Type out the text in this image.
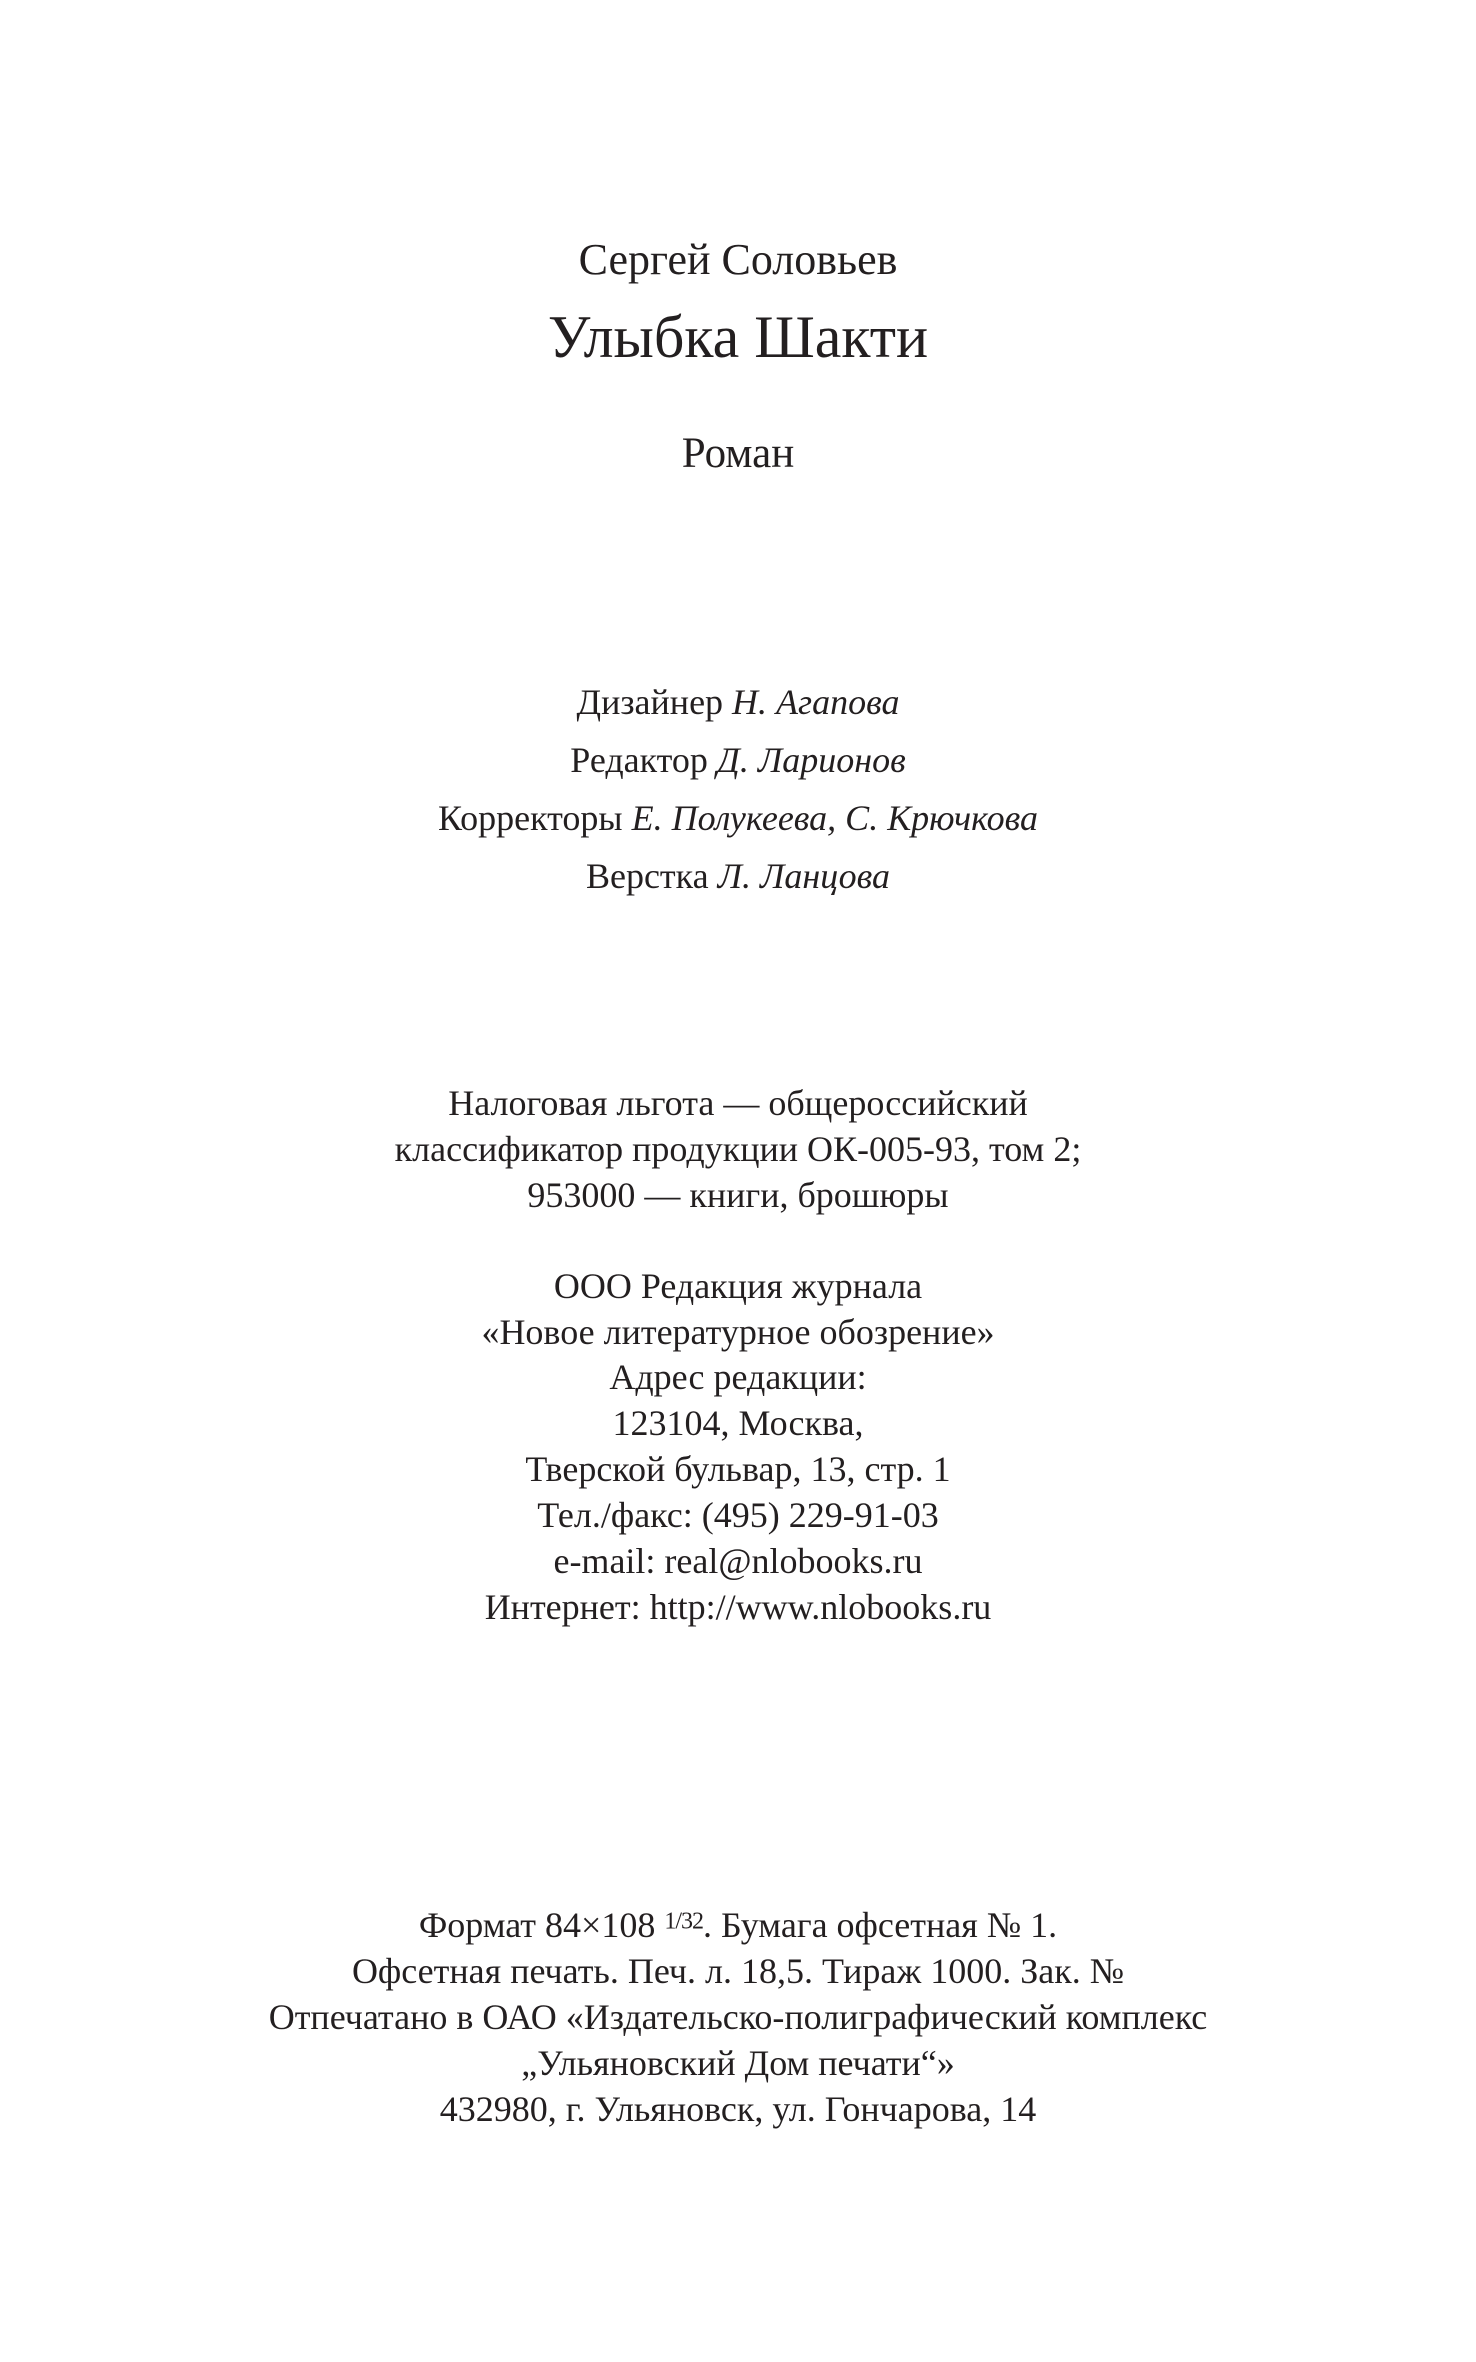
Сергей Соловьев

Улыбка Шакти

Роман

Дизайнер Н. Агапова

Редактор Д. Ларионов

Корректоры Е. Полукеева, С. Крючкова

Верстка Л. Ланцова

Налоговая льгота — общероссийский

классификатор продукции ОК-005-93, том 2;

953000 — книги, брошюры

ООО Редакция журнала

«Новое литературное обозрение»

Адрес редакции:

123104, Москва,

Тверской бульвар, 13, стр. 1

Тел./факс: (495) 229-91-03

e-mail: real@nlobooks.ru

Интернет: http://www.nlobooks.ru

Формат 84×108 $^{1/32}$. Бумага офсетная № 1.

Офсетная печать. Печ. л. 18,5. Тираж 1000. Зак. №

Отпечатано в ОАО «Издательско-полиграфический комплекс

„Ульяновский Дом печати“»

432980, г. Ульяновск, ул. Гончарова, 14
